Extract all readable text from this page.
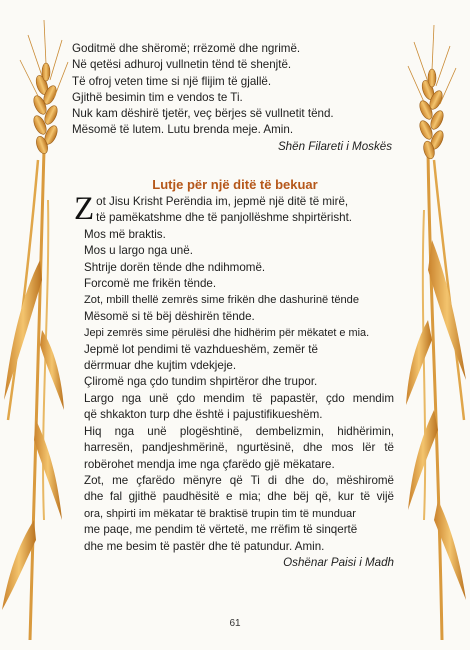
Goditmë dhe shëromë; rrëzomë dhe ngrimë.
Në qetësi adhuroj vullnetin tënd të shenjtë.
Të ofroj veten time si një flijim të gjallë.
Gjithë besimin tim e vendos te Ti.
Nuk kam dëshirë tjetër, veç bërjes së vullnetit tënd.
Mësomë të lutem. Lutu brenda meje. Amin.
Shën Filareti i Moskës
Lutje për një ditë të bekuar
Zot Jisu Krisht Perëndia im, jepmë një ditë të mirë,
të pamëkatshme dhe të panjollëshme shpirtërisht.
Mos më braktis.
Mos u largo nga unë.
Shtrije dorën tënde dhe ndihmomë.
Forcomë me frikën tënde.
Zot, mbill thellë zemrës sime frikën dhe dashurinë tënde
Mësomë si të bëj dëshirën tënde.
Jepi zemrës sime përulësi dhe hidhërim për mëkatet e mia.
Jepmë lot pendimi të vazhdueshëm, zemër të
dërrmuar dhe kujtim vdekjeje.
Çliromë nga çdo tundim shpirtëror dhe trupor.
Largo nga unë çdo mendim të papastër, çdo mendim
që shkakton turp dhe është i pajustifikueshëm.
Hiq nga unë plogështinë, dembelizmin, hidhërimin,
harresën, pandjeshmërinë, ngurtësinë, dhe mos lër të
robërohet mendja ime nga çfarëdo gjë mëkatare.
Zot, me çfarëdo mënyre që Ti di dhe do, mëshiromë
dhe fal gjithë paudhësitë e mia; dhe bëj që, kur të vijë
ora, shpirti im mëkatar të braktisë trupin tim të munduar
me paqe, me pendim të vërtetë, me rrëfim të sinqertë
dhe me besim të pastër dhe të patundur. Amin.
Oshënar Paisi i Madh
61
